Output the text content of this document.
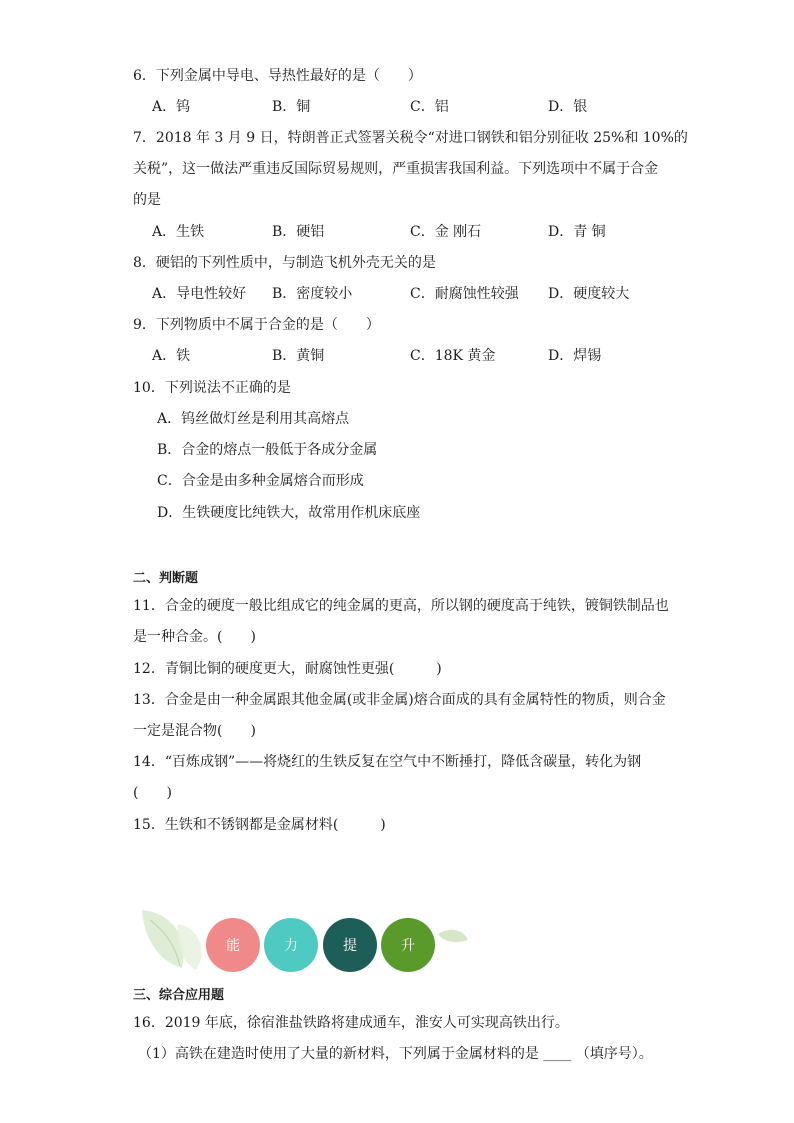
6．下列金属中导电、导热性最好的是（　　）
A．钨	B．铜	C．铝	D．银
7．2018 年 3 月 9 日，特朗普正式签署关税令“对进口钢铁和铝分别征收 25%和 10%的
关税”，这一做法严重违反国际贸易规则，严重损害我国利益。下列选项中不属于合金
的是
A．生铁	B．硬铝	C．金 刚石	D．青 铜
8．硬铝的下列性质中，与制造飞机外壳无关的是
A．导电性较好 B．密度较小	C．耐腐蚀性较强 D．硬度较大
9．下列物质中不属于合金的是（　　）
A．铁	B．黄铜	C．18K 黄金	D．焊锡
10．下列说法不正确的是
A．钨丝做灯丝是利用其高熔点
B．合金的熔点一般低于各成分金属
C．合金是由多种金属熔合而形成
D．生铁硬度比纯铁大，故常用作机床底座
二、判断题
11．合金的硬度一般比组成它的纯金属的更高，所以钢的硬度高于纯铁，镀铜铁制品也
是一种合金。(　　)
12．青铜比铜的硬度更大，耐腐蚀性更强(　　　)
13．合金是由一种金属跟其他金属(或非金属)熔合面成的具有金属特性的物质，则合金
一定是混合物(　　)
14．“百炼成钢”——将烧红的生铁反复在空气中不断捶打，降低含碳量，转化为钢
(　　)
15．生铁和不锈钢都是金属材料(　　　)
能	力	提	升
三、综合应用题
16．2019 年底，徐宿淮盐铁路将建成通车，淮安人可实现高铁出行。
（1）高铁在建造时使用了大量的新材料，下列属于金属材料的是 ____ （填序号）。
